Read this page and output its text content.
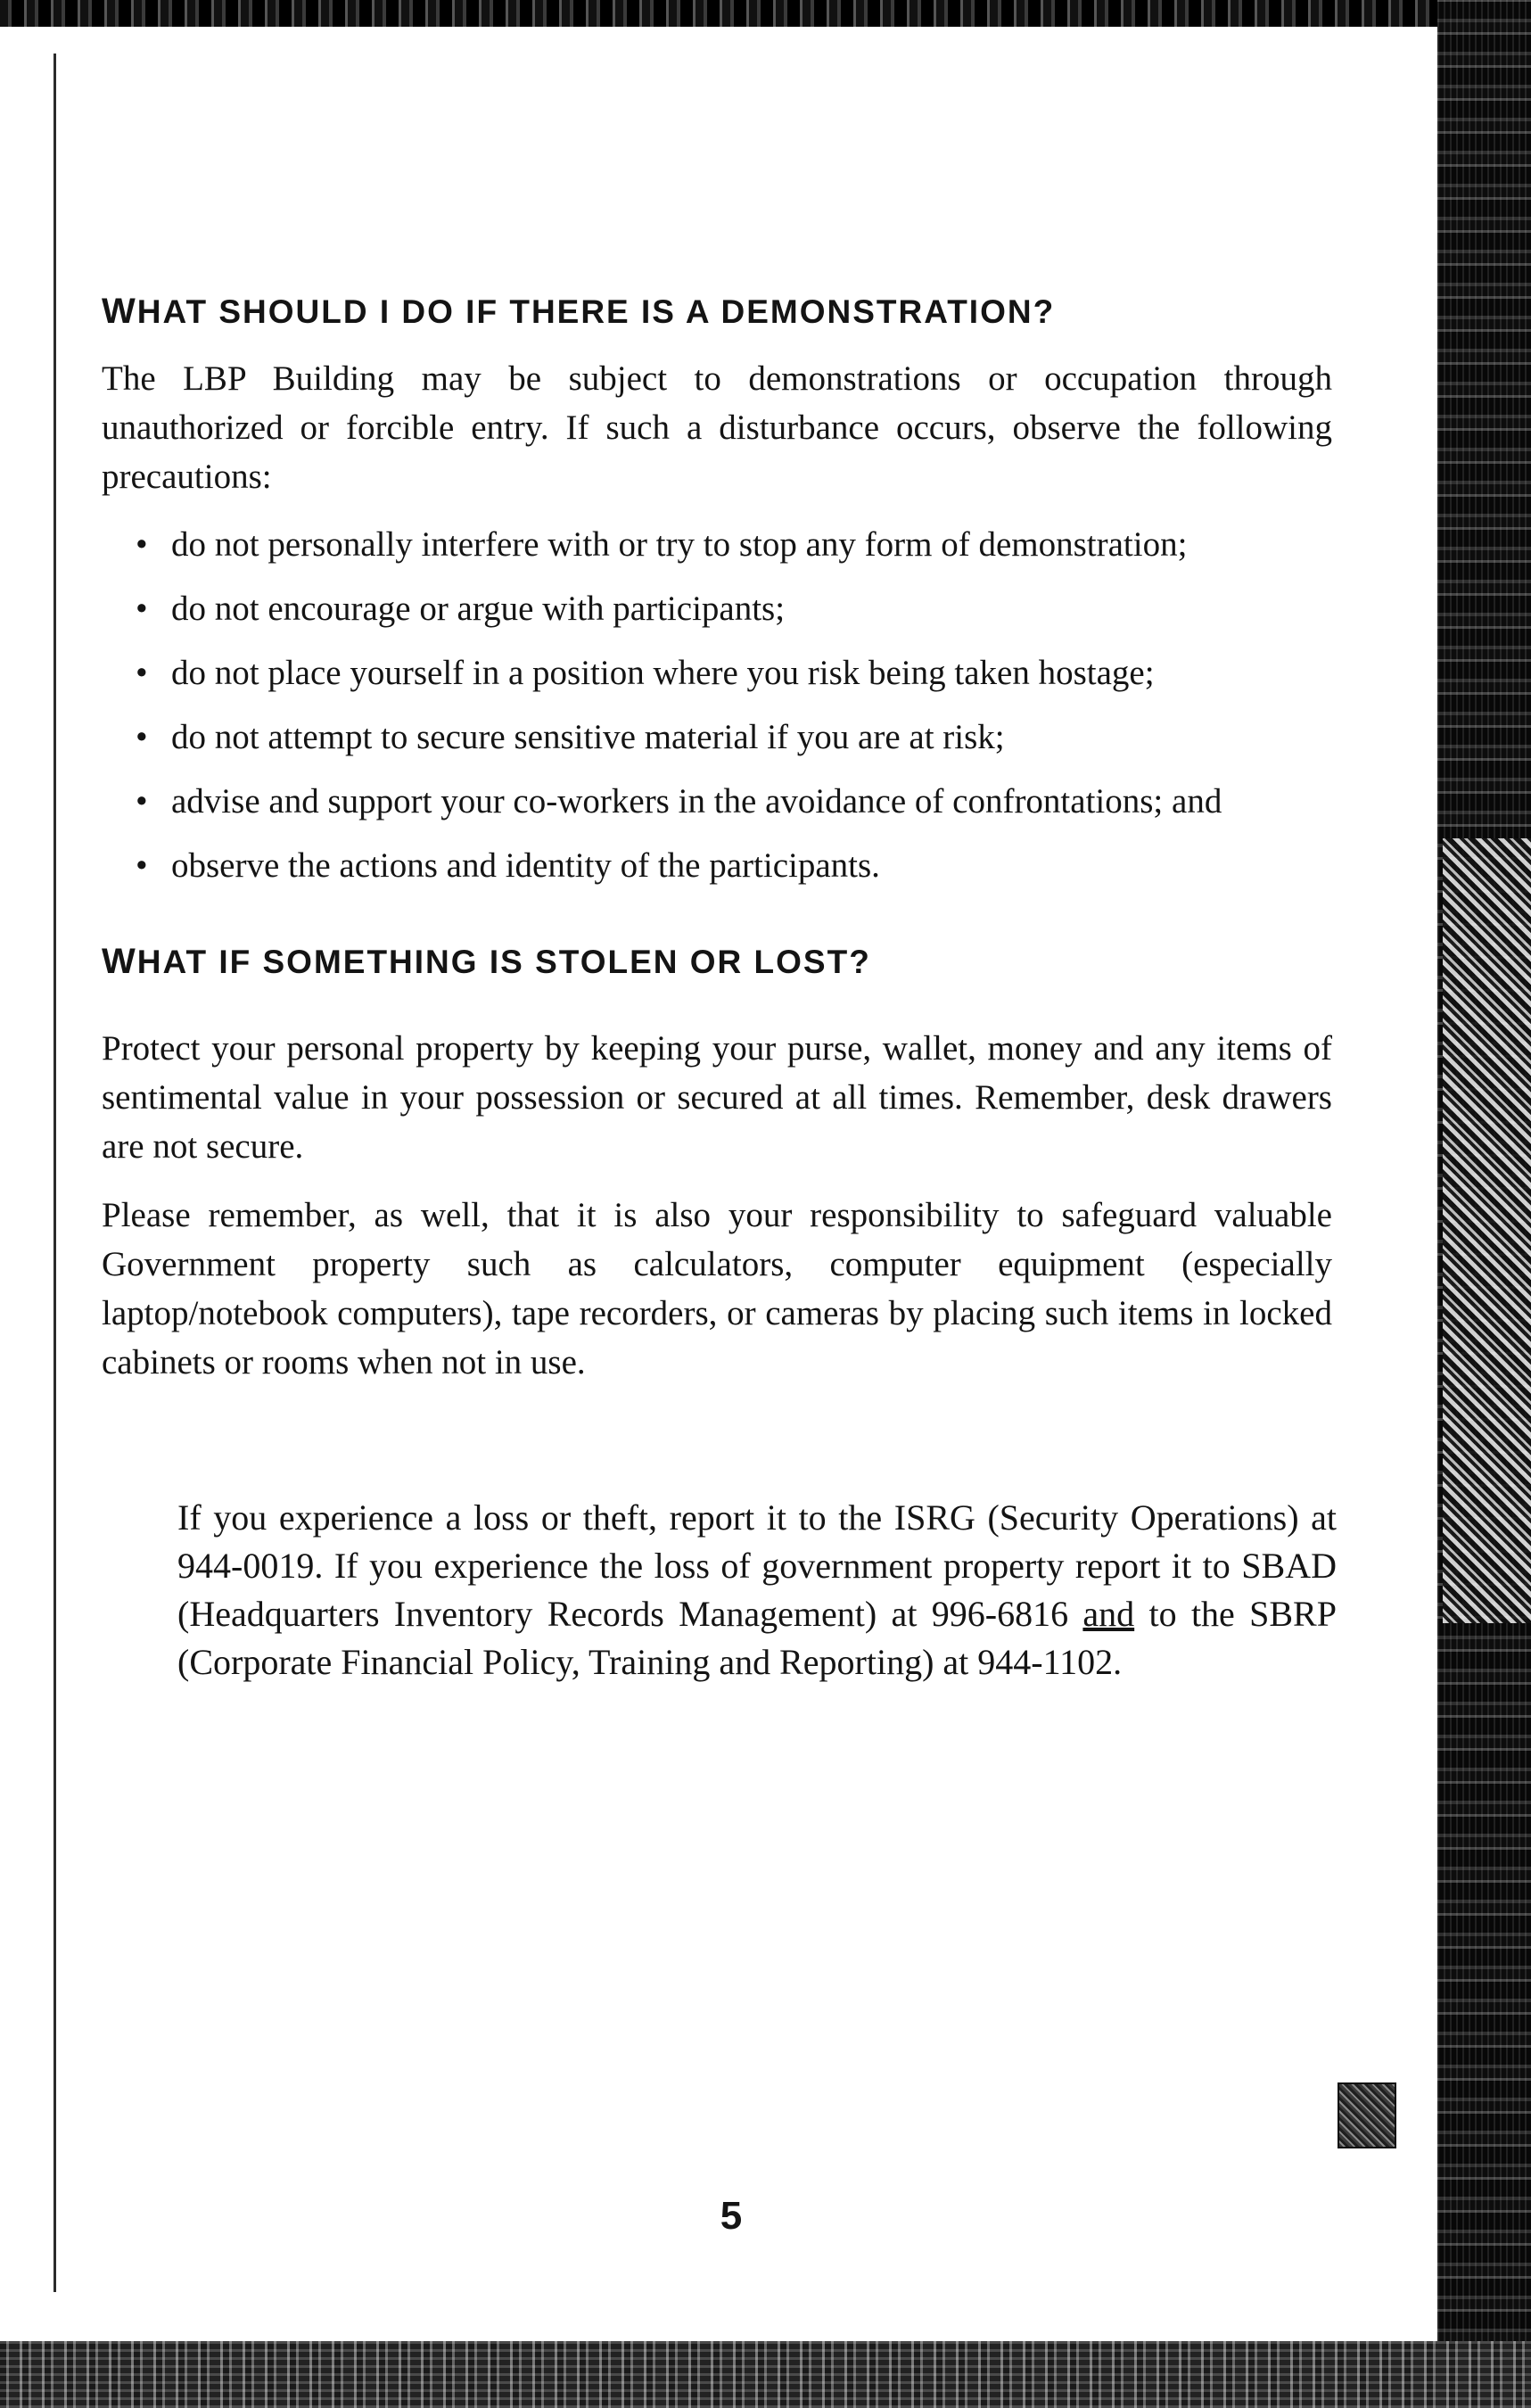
WHAT SHOULD I DO IF THERE IS A DEMONSTRATION?

The LBP Building may be subject to demonstrations or occupation through unauthorized or forcible entry. If such a disturbance occurs, observe the following precautions:

• do not personally interfere with or try to stop any form of demonstration;
• do not encourage or argue with participants;
• do not place yourself in a position where you risk being taken hostage;
• do not attempt to secure sensitive material if you are at risk;
• advise and support your co-workers in the avoidance of confrontations; and
• observe the actions and identity of the participants.
WHAT IF SOMETHING IS STOLEN OR LOST?

Protect your personal property by keeping your purse, wallet, money and any items of sentimental value in your possession or secured at all times. Remember, desk drawers are not secure.

Please remember, as well, that it is also your responsibility to safeguard valuable Government property such as calculators, computer equipment (especially laptop/notebook computers), tape recorders, or cameras by placing such items in locked cabinets or rooms when not in use.

If you experience a loss or theft, report it to the ISRG (Security Operations) at 944-0019. If you experience the loss of government property report it to SBAD (Headquarters Inventory Records Management) at 996-6816 and to the SBRP (Corporate Financial Policy, Training and Reporting) at 944-1102.

5
